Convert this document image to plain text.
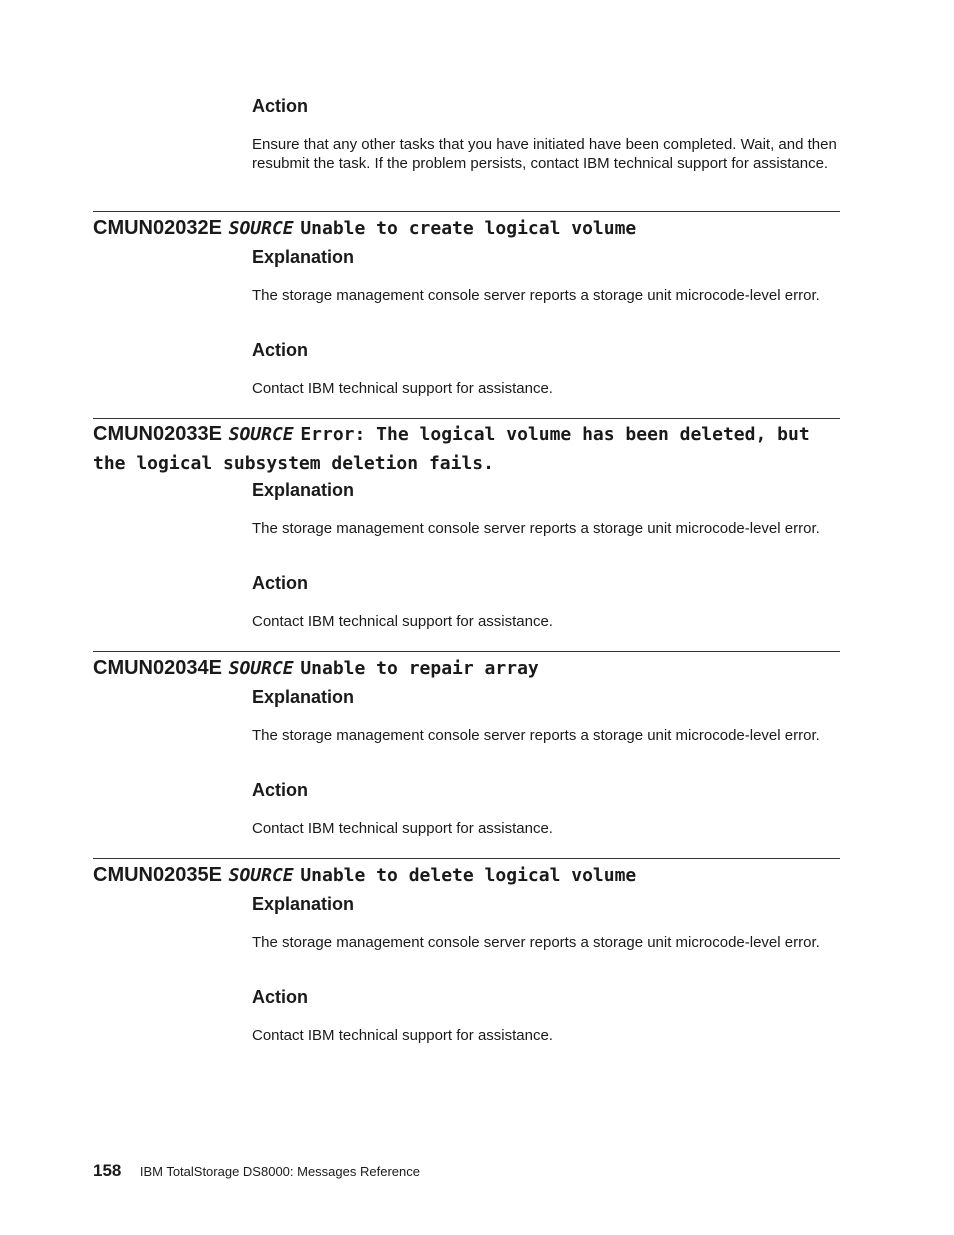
Action

Ensure that any other tasks that you have initiated have been completed. Wait, and then resubmit the task. If the problem persists, contact IBM technical support for assistance.

CMUN02032E SOURCE Unable to create logical volume
Explanation

The storage management console server reports a storage unit microcode-level error.

Action

Contact IBM technical support for assistance.

CMUN02033E SOURCE Error: The logical volume has been deleted, but
the logical subsystem deletion fails.
Explanation

The storage management console server reports a storage unit microcode-level error.

Action

Contact IBM technical support for assistance.

CMUN02034E SOURCE Unable to repair array
Explanation

The storage management console server reports a storage unit microcode-level error.

Action

Contact IBM technical support for assistance.

CMUN02035E SOURCE Unable to delete logical volume
Explanation

The storage management console server reports a storage unit microcode-level error.

Action

Contact IBM technical support for assistance.

158 IBM TotalStorage DS8000: Messages Reference
